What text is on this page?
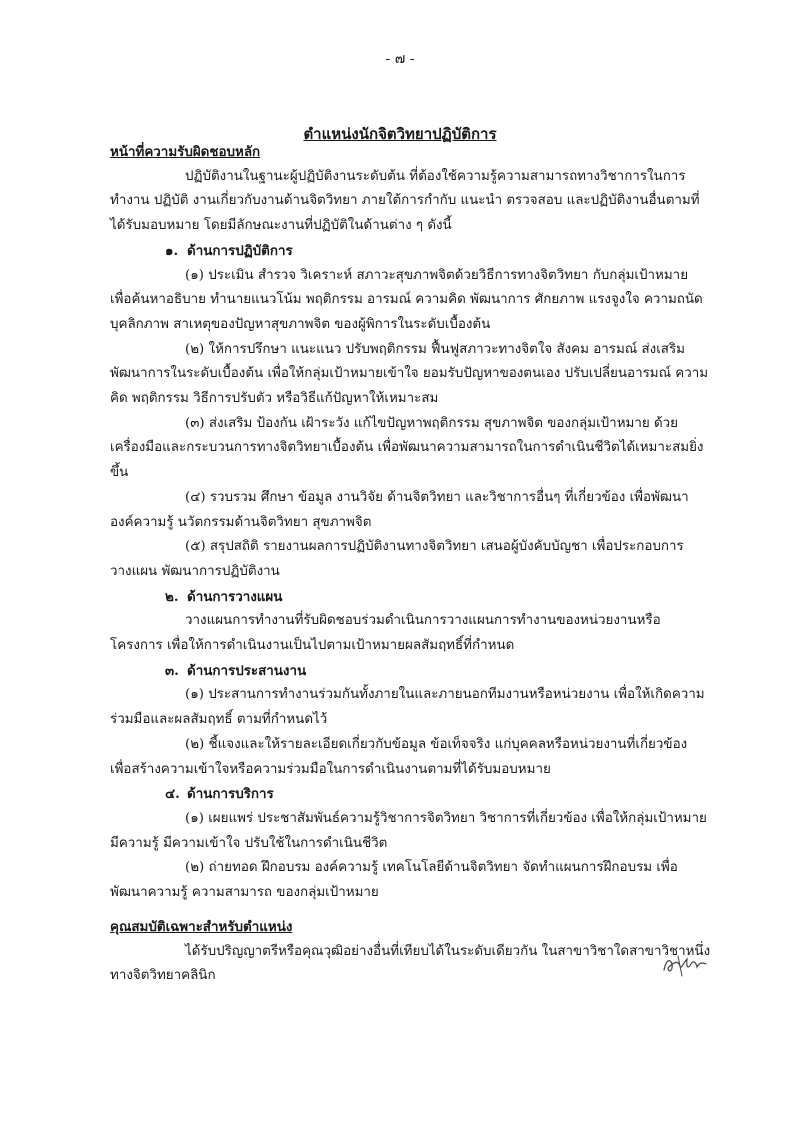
- ๗ -
ตำแหน่งนักจิตวิทยาปฏิบัติการ

หน้าที่ความรับผิดชอบหลัก

ปฏิบัติงานในฐานะผู้ปฏิบัติงานระดับต้น ที่ต้องใช้ความรู้ความสามารถทางวิชาการในการทำงาน ปฏิบัติ งานเกี่ยวกับงานด้านจิตวิทยา ภายใต้การกำกับ แนะนำ ตรวจสอบ และปฏิบัติงานอื่นตามที่ ได้รับมอบหมาย โดยมีลักษณะงานที่ปฏิบัติในด้านต่าง ๆ ดังนี้

๑. ด้านการปฏิบัติการ

(๑) ประเมิน สำรวจ วิเคราะห์ สภาวะสุขภาพจิตด้วยวิธีการทางจิตวิทยา กับกลุ่มเป้าหมาย เพื่อค้นหาอธิบาย ทำนายแนวโน้ม พฤติกรรม อารมณ์ ความคิด พัฒนาการ ศักยภาพ แรงจูงใจ ความถนัด บุคลิกภาพ สาเหตุของปัญหาสุขภาพจิต ของผู้พิการในระดับเบื้องต้น

(๒) ให้การปรึกษา แนะแนว ปรับพฤติกรรม ฟื้นฟูสภาวะทางจิตใจ สังคม อารมณ์ ส่งเสริมพัฒนาการในระดับเบื้องต้น เพื่อให้กลุ่มเป้าหมายเข้าใจ ยอมรับปัญหาของตนเอง ปรับเปลี่ยนอารมณ์ ความคิด พฤติกรรม วิธีการปรับตัว หรือวิธีแก้ปัญหาให้เหมาะสม

(๓) ส่งเสริม ป้องกัน เฝ้าระวัง แก้ไขปัญหาพฤติกรรม สุขภาพจิต ของกลุ่มเป้าหมาย ด้วยเครื่องมือและกระบวนการทางจิตวิทยาเบื้องต้น เพื่อพัฒนาความสามารถในการดำเนินชีวิตได้เหมาะสมยิ่งขึ้น

(๔) รวบรวม ศึกษา ข้อมูล งานวิจัย ด้านจิตวิทยา และวิชาการอื่นๆ ที่เกี่ยวข้อง เพื่อพัฒนาองค์ความรู้ นวัตกรรมด้านจิตวิทยา สุขภาพจิต

(๕) สรุปสถิติ รายงานผลการปฏิบัติงานทางจิตวิทยา เสนอผู้บังคับบัญชา เพื่อประกอบการวางแผน พัฒนาการปฏิบัติงาน

๒. ด้านการวางแผน

วางแผนการทำงานที่รับผิดชอบร่วมดำเนินการวางแผนการทำงานของหน่วยงานหรือ โครงการ เพื่อให้การดำเนินงานเป็นไปตามเป้าหมายผลสัมฤทธิ์ที่กำหนด

๓. ด้านการประสานงาน

(๑) ประสานการทำงานร่วมกันทั้งภายในและภายนอกทีมงานหรือหน่วยงาน เพื่อให้เกิดความร่วมมือและผลสัมฤทธิ์ ตามที่กำหนดไว้

(๒) ชี้แจงและให้รายละเอียดเกี่ยวกับข้อมูล ข้อเท็จจริง แก่บุคคลหรือหน่วยงานที่เกี่ยวข้อง เพื่อสร้างความเข้าใจหรือความร่วมมือในการดำเนินงานตามที่ได้รับมอบหมาย

๔. ด้านการบริการ

(๑) เผยแพร่ ประชาสัมพันธ์ความรู้วิชาการจิตวิทยา วิชาการที่เกี่ยวข้อง เพื่อให้กลุ่มเป้าหมายมีความรู้ มีความเข้าใจ ปรับใช้ในการดำเนินชีวิต

(๒) ถ่ายทอด ฝึกอบรม องค์ความรู้ เทคโนโลยีด้านจิตวิทยา จัดทำแผนการฝึกอบรม เพื่อพัฒนาความรู้ ความสามารถ ของกลุ่มเป้าหมาย

คุณสมบัติเฉพาะสำหรับตำแหน่ง

ได้รับปริญญาตรีหรือคุณวุฒิอย่างอื่นที่เทียบได้ในระดับเดียวกัน ในสาขาวิชาใดสาขาวิชาหนึ่ง ทางจิตวิทยาคลินิก
